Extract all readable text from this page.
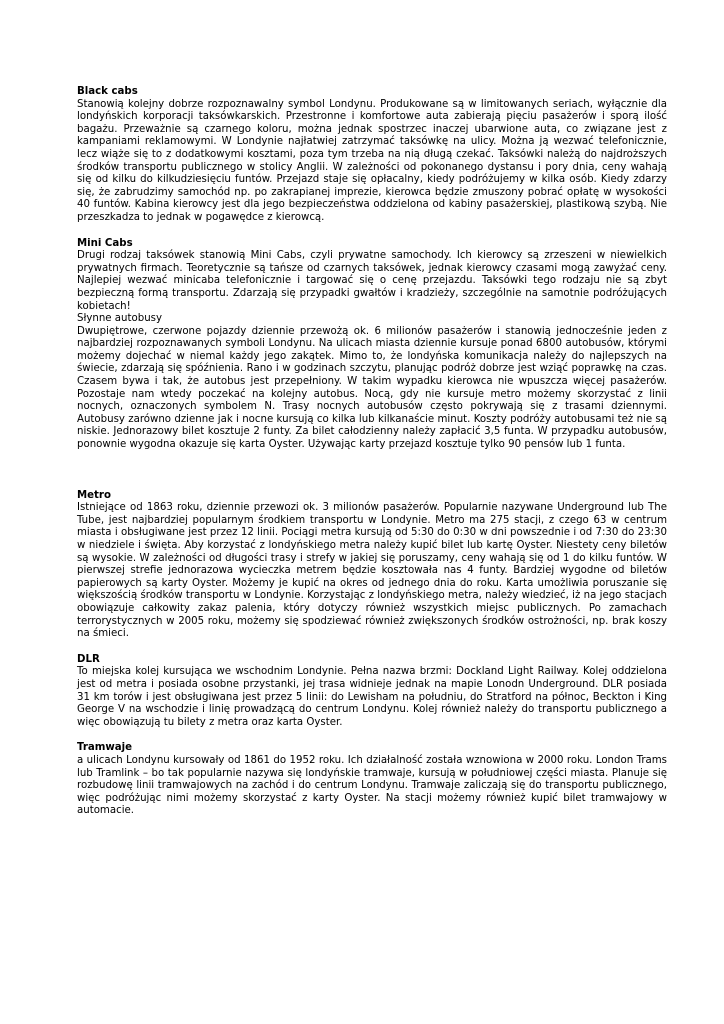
Black cabs

Stanowią kolejny dobrze rozpoznawalny symbol Londynu. Produkowane są w limitowanych seriach, wyłącznie dla londyńskich korporacji taksówkarskich. Przestronne i komfortowe auta zabierają pięciu pasażerów i sporą ilość bagażu. Przeważnie są czarnego koloru, można jednak spostrzec inaczej ubarwione auta, co związane jest z kampaniami reklamowymi. W Londynie najłatwiej zatrzymać taksówkę na ulicy. Można ją wezwać telefonicznie, lecz wiąże się to z dodatkowymi kosztami, poza tym trzeba na nią długą czekać. Taksówki należą do najdroższych środków transportu publicznego w stolicy Anglii. W zależności od pokonanego dystansu i pory dnia, ceny wahają się od kilku do kilkudziesięciu funtów. Przejazd staje się opłacalny, kiedy podróżujemy w kilka osób. Kiedy zdarzy się, że zabrudzimy samochód np. po zakrapianej imprezie, kierowca będzie zmuszony pobrać opłatę w wysokości 40 funtów. Kabina kierowcy jest dla jego bezpieczeństwa oddzielona od kabiny pasażerskiej, plastikową szybą. Nie przeszkadza to jednak w pogawędce z kierowcą.

Mini Cabs

Drugi rodzaj taksówek stanowią Mini Cabs, czyli prywatne samochody. Ich kierowcy są zrzeszeni w niewielkich prywatnych firmach. Teoretycznie są tańsze od czarnych taksówek, jednak kierowcy czasami mogą zawyżać ceny. Najlepiej wezwać minicaba telefonicznie i targować się o cenę przejazdu. Taksówki tego rodzaju nie są zbyt bezpieczną formą transportu. Zdarzają się przypadki gwałtów i kradzieży, szczególnie na samotnie podróżujących kobietach!

Słynne autobusy

Dwupiętrowe, czerwone pojazdy dziennie przewożą ok. 6 milionów pasażerów i stanowią jednocześnie jeden z najbardziej rozpoznawanych symboli Londynu. Na ulicach miasta dziennie kursuje ponad 6800 autobusów, którymi możemy dojechać w niemal każdy jego zakątek. Mimo to, że londyńska komunikacja należy do najlepszych na świecie, zdarzają się spóźnienia. Rano i w godzinach szczytu, planując podróż dobrze jest wziąć poprawkę na czas. Czasem bywa i tak, że autobus jest przepełniony. W takim wypadku kierowca nie wpuszcza więcej pasażerów. Pozostaje nam wtedy poczekać na kolejny autobus. Nocą, gdy nie kursuje metro możemy skorzystać z linii nocnych, oznaczonych symbolem N. Trasy nocnych autobusów często pokrywają się z trasami dziennymi. Autobusy zarówno dzienne jak i nocne kursują co kilka lub kilkanaście minut. Koszty podróży autobusami też nie są niskie. Jednorazowy bilet kosztuje 2 funty. Za bilet całodzienny należy zapłacić 3,5 funta. W przypadku autobusów, ponownie wygodna okazuje się karta Oyster. Używając karty przejazd kosztuje tylko 90 pensów lub 1 funta.

Metro

Istniejące od 1863 roku, dziennie przewozi ok. 3 milionów pasażerów. Popularnie nazywane Underground lub The Tube, jest najbardziej popularnym środkiem transportu w Londynie. Metro ma 275 stacji, z czego 63 w centrum miasta i obsługiwane jest przez 12 linii. Pociągi metra kursują od 5:30 do 0:30 w dni powszednie i od 7:30 do 23:30 w niedziele i święta. Aby korzystać z londyńskiego metra należy kupić bilet lub kartę Oyster. Niestety ceny biletów są wysokie. W zależności od długości trasy i strefy w jakiej się poruszamy, ceny wahają się od 1 do kilku funtów. W pierwszej strefie jednorazowa wycieczka metrem będzie kosztowała nas 4 funty. Bardziej wygodne od biletów papierowych są karty Oyster. Możemy je kupić na okres od jednego dnia do roku. Karta umożliwia poruszanie się większością środków transportu w Londynie. Korzystając z londyńskiego metra, należy wiedzieć, iż na jego stacjach obowiązuje całkowity zakaz palenia, który dotyczy również wszystkich miejsc publicznych. Po zamachach terrorystycznych w 2005 roku, możemy się spodziewać również zwiększonych środków ostrożności, np. brak koszy na śmieci.

DLR

To miejska kolej kursująca we wschodnim Londynie. Pełna nazwa brzmi: Dockland Light Railway. Kolej oddzielona jest od metra i posiada osobne przystanki, jej trasa widnieje jednak na mapie Lonodn Underground. DLR posiada 31 km torów i jest obsługiwana jest przez 5 linii: do Lewisham na południu, do Stratford na północ, Beckton i King George V na wschodzie i linię prowadzącą do centrum Londynu. Kolej również należy do transportu publicznego a więc obowiązują tu bilety z metra oraz karta Oyster.

Tramwaje

a ulicach Londynu kursowały od 1861 do 1952 roku. Ich działalność została wznowiona w 2000 roku. London Trams lub Tramlink – bo tak popularnie nazywa się londyńskie tramwaje, kursują w południowej części miasta. Planuje się rozbudowę linii tramwajowych na zachód i do centrum Londynu. Tramwaje zaliczają się do transportu publicznego, więc podróżując nimi możemy skorzystać z karty Oyster. Na stacji możemy również kupić bilet tramwajowy w automacie.
